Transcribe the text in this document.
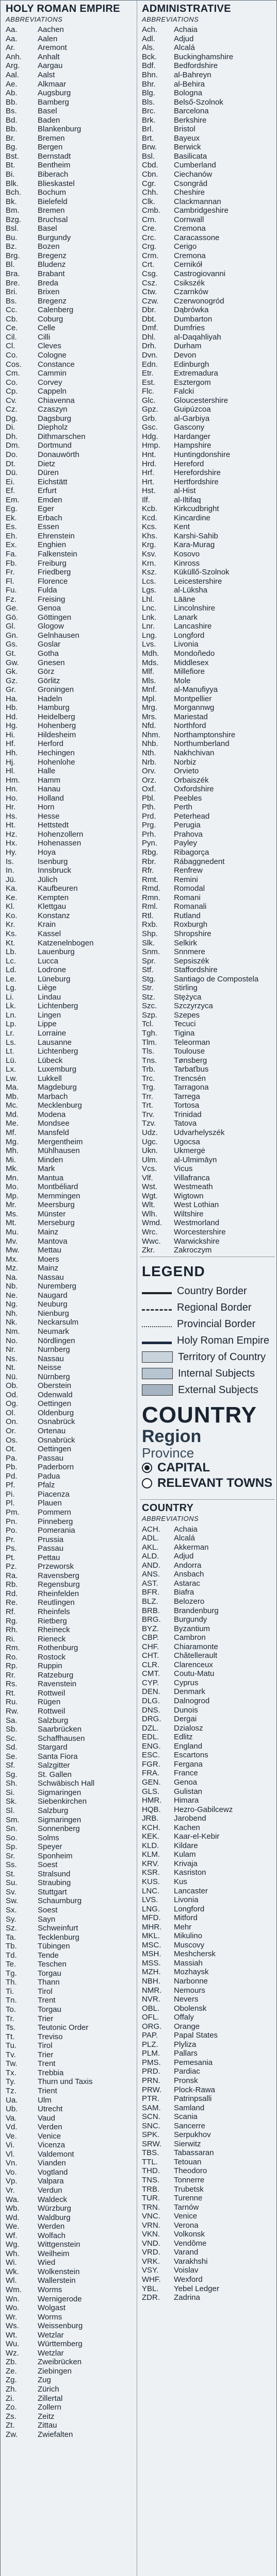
HOLY ROMAN EMPIRE
ABBREVIATIONS
Aa.	Aachen
Aa.	Aalen
Ar.	Aremont
Anh.	Anhalt
Arg.	Aargau
Aal.	Aalst
Ae.	Alkmaar
Ab.	Augsburg
Bb.	Bamberg
Bs.	Basel
Bd.	Baden
Bb.	Blankenburg
Br.	Bremen
Bg.	Bergen
Bst.	Bernstadt
Bt.	Bentheim
Bi.	Biberach
Blk.	Blieskastel
Bch.	Bochum
Bk.	Bielefeld
Bm.	Bremen
Bzg.	Bruchsal
Bsl.	Basel
Bu.	Burgundy
Bz.	Bozen
Brg.	Bregenz
Bl.	Bludenz
Bra.	Brabant
Bre.	Breda
Bri.	Brixen
Bs.	Bregenz
Cc.	Calenberg
Cb.	Coburg
Ce.	Celle
Cil.	Cilli
Cl.	Cleves
Co.	Cologne
Cos.	Constance
Cm.	Cammin
Co.	Corvey
Cp.	Cappeln
Cv.	Chiavenna
Cz.	Czaszyn
Dg.	Dagsburg
Di.	Diepholz
Dh.	Dithmarschen
Dm.	Dortmund
Do.	Donauwörth
Dt.	Dietz
Dü.	Düren
Ei.	Eichstätt
Ef.	Erfurt
Em.	Emden
Eg.	Eger
Ek.	Erbach
Es.	Essen
Eh.	Ehrenstein
Ex.	Enghien
Fa.	Falkenstein
Fb.	Freiburg
Fr.	Friedberg
Fl.	Florence
Fu.	Fulda
Fz.	Freising
Ge.	Genoa
Gö.	Göttingen
Gl.	Glogow
Gn.	Gelnhausen
Gs.	Goslar
Gt.	Gotha
Gw.	Gnesen
Gk.	Görz
Gz.	Görlitz
Gr.	Groningen
Ha.	Hadeln
Hb.	Hamburg
Hd.	Heidelberg
Hg.	Hohenberg
Hi.	Hildesheim
Hf.	Herford
Hh.	Hechingen
Hj.	Hohenlohe
Hl.	Halle
Hm.	Hamm
Hn.	Hanau
Ho.	Holland
Hr.	Horn
Hs.	Hesse
Ht.	Hettstedt
Hz.	Hohenzollern
Hx.	Hohenassen
Hy.	Hoya
Is.	Isenburg
In.	Innsbruck
Jü.	Jülich
Ka.	Kaufbeuren
Ke.	Kempten
Kl.	Klettgau
Ko.	Konstanz
Kr.	Krain
Ks.	Kassel
Kt.	Katzenelnbogen
Lb.	Lauenburg
Lc.	Lucca
Ld.	Lodrone
Le.	Lüneburg
Lg.	Liège
Li.	Lindau
Lk.	Lichtenberg
Ln.	Lingen
Lp.	Lippe
Lr.	Lorraine
Ls.	Lausanne
Lt.	Lichtenberg
Lü.	Lübeck
Lx.	Luxemburg
Lw.	Lukkell
Ma.	Magdeburg
Mb.	Marbach
Mc.	Mecklenburg
Md.	Modena
Me.	Mondsee
Mf.	Mansfeld
Mg.	Mergentheim
Mh.	Mühlhausen
Mi.	Minden
Mk.	Mark
Mn.	Mantua
Mo.	Montbéliard
Mp.	Memmingen
Mr.	Meersburg
Ms.	Münster
Mt.	Merseburg
Mu.	Mainz
Mv.	Mantova
Mw.	Mettau
Mx.	Moers
Mz.	Mainz
Na.	Nassau
Nb.	Nuremberg
Ne.	Naugard
Ng.	Neuburg
Nh.	Nienburg
Nk.	Neckarsulm
Nm.	Neumark
No.	Nördlingen
Nr.	Nurnberg
Ns.	Nassau
Nt.	Neisse
Nü.	Nürnberg
Ob.	Oberstein
Od.	Odenwald
Og.	Oettingen
Ol.	Oldenburg
On.	Osnabrück
Or.	Ortenau
Os.	Osnabrück
Ot.	Oettingen
Pa.	Passau
Pb.	Paderborn
Pd.	Padua
Pf.	Pfalz
Pi.	Piacenza
Pl.	Plauen
Pm.	Pommern
Pn.	Pinneberg
Po.	Pomerania
Pr.	Prussia
Ps.	Passau
Pt.	Pettau
Pz.	Przeworsk
Ra.	Ravensberg
Rb.	Regensburg
Rd.	Rheinfelden
Re.	Reutlingen
Rf.	Rheinfels
Rg.	Rietberg
Rh.	Rheineck
Ri.	Rieneck
Rm.	Rothenburg
Ro.	Rostock
Rp.	Ruppin
Rr.	Ratzeburg
Rs.	Ravenstein
Rt.	Rottweil
Ru.	Rügen
Rw.	Rottweil
Sa.	Salzburg
Sb.	Saarbrücken
Sc.	Schaffhausen
Sd.	Stargard
Se.	Santa Fiora
Sf.	Salzgitter
Sg.	St. Gallen
Sh.	Schwäbisch Hall
Si.	Sigmaringen
Sk.	Siebenkirchen
Sl.	Salzburg
Sm.	Sigmaringen
Sn.	Sonnenberg
So.	Solms
Sp.	Speyer
Sr.	Sponheim
Ss.	Soest
St.	Stralsund
Su.	Straubing
Sv.	Stuttgart
Sw.	Schaumburg
Sx.	Soest
Sy.	Sayn
Sz.	Schweinfurt
Ta.	Tecklenburg
Tb.	Tübingen
Td.	Tende
Te.	Teschen
Tg.	Torgau
Th.	Thann
Ti.	Tirol
Tn.	Trent
To.	Torgau
Tr.	Trier
Ts.	Teutonic Order
Tt.	Treviso
Tu.	Tirol
Tv.	Trier
Tw.	Trent
Tx.	Trebbia
Ty.	Thurn und Taxis
Tz.	Trient
Ua.	Ulm
Ub.	Utrecht
Va.	Vaud
Vd.	Verden
Ve.	Venice
Vi.	Vicenza
Vl.	Valdemont
Vn.	Vianden
Vo.	Vogtland
Vp.	Valpara
Vr.	Verdun
Wa.	Waldeck
Wb.	Würzburg
Wd.	Waldburg
We.	Werden
Wf.	Wolfach
Wg.	Wittgenstein
Wh.	Weilheim
Wi.	Wied
Wk.	Wolkenstein
Wl.	Wallerstein
Wm.	Worms
Wn.	Wernigerode
Wo.	Wolgast
Wr.	Worms
Ws.	Weissenburg
Wt.	Wetzlar
Wu.	Württemberg
Wz.	Wetzlar
Zb.	Zweibrücken
Ze.	Ziebingen
Zg.	Zug
Zh.	Zürich
Zi.	Zillertal
Zo.	Zollern
Zs.	Zeitz
Zt.	Zittau
Zw.	Zwiefalten
ADMINISTRATIVE
ABBREVIATIONS
Ach.	Achaia
Adl.	Adjud
Als.	Alcalá
Bck.	Buckinghamshire
Bdf.	Bedfordshire
Bhn.	al-Bahreyn
Bhr.	al-Behira
Blg.	Bologna
Bls.	Belső-Szolnok
Brc.	Barcelona
Brk.	Berkshire
Brl.	Bristol
Brt.	Bayeux
Brw.	Berwick
Bsl.	Basilicata
Cbd.	Cumberland
Cbn.	Ciechanów
Cgr.	Csongrád
Chh.	Cheshire
Clk.	Clackmannan
Cmb.	Cambridgeshire
Crn.	Cornwall
Cre.	Cremona
Crc.	Caracassone
Crg.	Cerigo
Crm.	Cremona
Crt.	Cernikół
Csg.	Castrogiovanni
Csz.	Csikszék
Ctw.	Czarnków
Czw.	Czerwonogród
Dbr.	Dąbrówka
Dbt.	Dumbarton
Dmf.	Dumfries
Dhl.	al-Daqahliyah
Drh.	Durham
Dvn.	Devon
Edn.	Edinburgh
Etr.	Extremadura
Est.	Esztergom
Flc.	Falcki
Glc.	Gloucestershire
Gpz.	Guipúzcoa
Grb.	al-Garbiya
Gsc.	Gascony
Hdg.	Hardanger
Hmp.	Hampshire
Hnt.	Huntingdonshire
Hrd.	Hereford
Hrf.	Herefordshire
Hrt.	Hertfordshire
Hst.	al-Hist
Ilf.	al-Iltifaq
Kcb.	Kirkcudbright
Kcd.	Kincardine
Kcs.	Kent
Khs.	Karshi-Sahib
Krg.	Kara-Murag
Ksv.	Kosovo
Krn.	Kinross
Ksz.	Küküllő-Szolnok
Lcs.	Leicestershire
Lgs.	al-Lüksha
Lhl.	Lääne
Lnc.	Lincolnshire
Lnk.	Lanark
Lnr.	Lancashire
Lng.	Longford
Lvs.	Livonia
Mdh.	Mondoñedo
Mds.	Middlesex
Mlf.	Millefiore
Mls.	Mole
Mnf.	al-Manufiyya
Mpl.	Montpellier
Mrg.	Morgannwg
Mrs.	Mariestad
Nfd.	Northford
Nhm.	Northamptonshire
Nhb.	Northumberland
Nth.	Nakhchivan
Nrb.	Norbiz
Orv.	Orvieto
Orz.	Orbaiszék
Oxf.	Oxfordshire
Pbl.	Peebles
Pth.	Perth
Prd.	Peterhead
Prg.	Perugia
Prh.	Prahova
Pyn.	Payley
Rbg.	Ribagorça
Rbr.	Rábaggnedent
Rfr.	Renfrew
Rmt.	Remini
Rmd.	Romodal
Rmn.	Romani
Rml.	Romanali
Rtl.	Rutland
Rxb.	Roxburgh
Shp.	Shropshire
Slk.	Selkirk
Snm.	Snnmere
Spr.	Sepsiszék
Stf.	Staffordshire
Stg.	Santiago de Compostela
Str.	Stirling
Stz.	Stężyca
Szc.	Szczyrzyca
Szp.	Szepes
Tcl.	Tecuci
Tgh.	Tigina
Tlm.	Teleorman
Tls.	Toulouse
Tns.	Tønsberg
Trb.	Tarbaťbus
Trc.	Trencsén
Trg.	Tarragona
Trr.	Tarrega
Trt.	Tortosa
Trv.	Trinidad
Tzv.	Tatova
Udz.	Udvarhelyszék
Ugc.	Ugocsa
Ukn.	Ukmergė
Ulm.	al-Ulmimāyn
Vcs.	Vicus
Vlf.	Villafranca
Wst.	Westmeath
Wgt.	Wigtown
Wlt.	West Lothian
Wlh.	Wiltshire
Wmd.	Westmorland
Wrc.	Worcestershire
Wwc.	Warwickshire
Zkr.	Zakroczym
LEGEND
Country Border
Regional Border
Provincial Border
Holy Roman Empire
Territory of Country
Internal Subjects
External Subjects
COUNTRY
Region
Province
CAPITAL
RELEVANT TOWNS
COUNTRY
ABBREVIATIONS
ACH.	Achaia
ADL.	Alcalá
AKL.	Akkerman
ALD.	Adjud
AND.	Andorra
ANS.	Ansbach
AST.	Astarac
BFR.	Biafra
BLZ.	Belozero
BRB.	Brandenburg
BRG.	Burgundy
BYZ.	Byzantium
CBP.	Cambron
CHF.	Chiaramonte
CHT.	Châtellerault
CLR.	Clarenceux
CMT.	Coutu-Matu
CYP.	Cyprus
DEN.	Denmark
DLG.	Dalnogrod
DNS.	Dunois
DRG.	Dergai
DZL.	Dzialosz
EDL.	Edlitz
ENG.	England
ESC.	Escartons
FGR.	Fergana
FRA.	France
GEN.	Genoa
GLS.	Gulistan
HMR.	Himara
HQB.	Hezro-Gabilcewz
JRB.	Jarobend
KCH.	Kachen
KEK.	Kaar-el-Kebir
KLD.	Kildare
KLM.	Kulam
KRV.	Krivaja
KSR.	Kasriston
KUS.	Kus
LNC.	Lancaster
LVS.	Livonia
LNG.	Longford
MFD.	Mitford
MHR.	Mehr
MKL.	Mikulino
MSC.	Muscovy
MSH.	Meshchersk
MSS.	Massiah
MZH.	Mozhaysk
NBH.	Narbonne
NMR.	Nemours
NVR.	Nevers
OBL.	Obolensk
OFL.	Offaly
ORG.	Orange
PAP.	Papal States
PLZ.	Plyliza
PLM.	Pallars
PMS.	Pemesania
PRD.	Pardiac
PRN.	Pronsk
PRW.	Plock-Rawa
PTR.	Patrinpsalli
SAM.	Samland
SCN.	Scania
SNC.	Sancerre
SPK.	Serpukhov
SRW.	Sierwitz
TBS.	Tabassaran
TTL.	Tetouan
THD.	Theodoro
TNS.	Tonnerre
TRB.	Trubetsk
TUR.	Turenne
TRN.	Tarnów
VNC.	Venice
VRN.	Verona
VKN.	Volkonsk
VND.	Vendôme
VRD.	Varand
VRK.	Varakhshi
VSY.	Voislav
WHF.	Wexford
YBL.	Yebel Ledger
ZDR.	Zadrina
